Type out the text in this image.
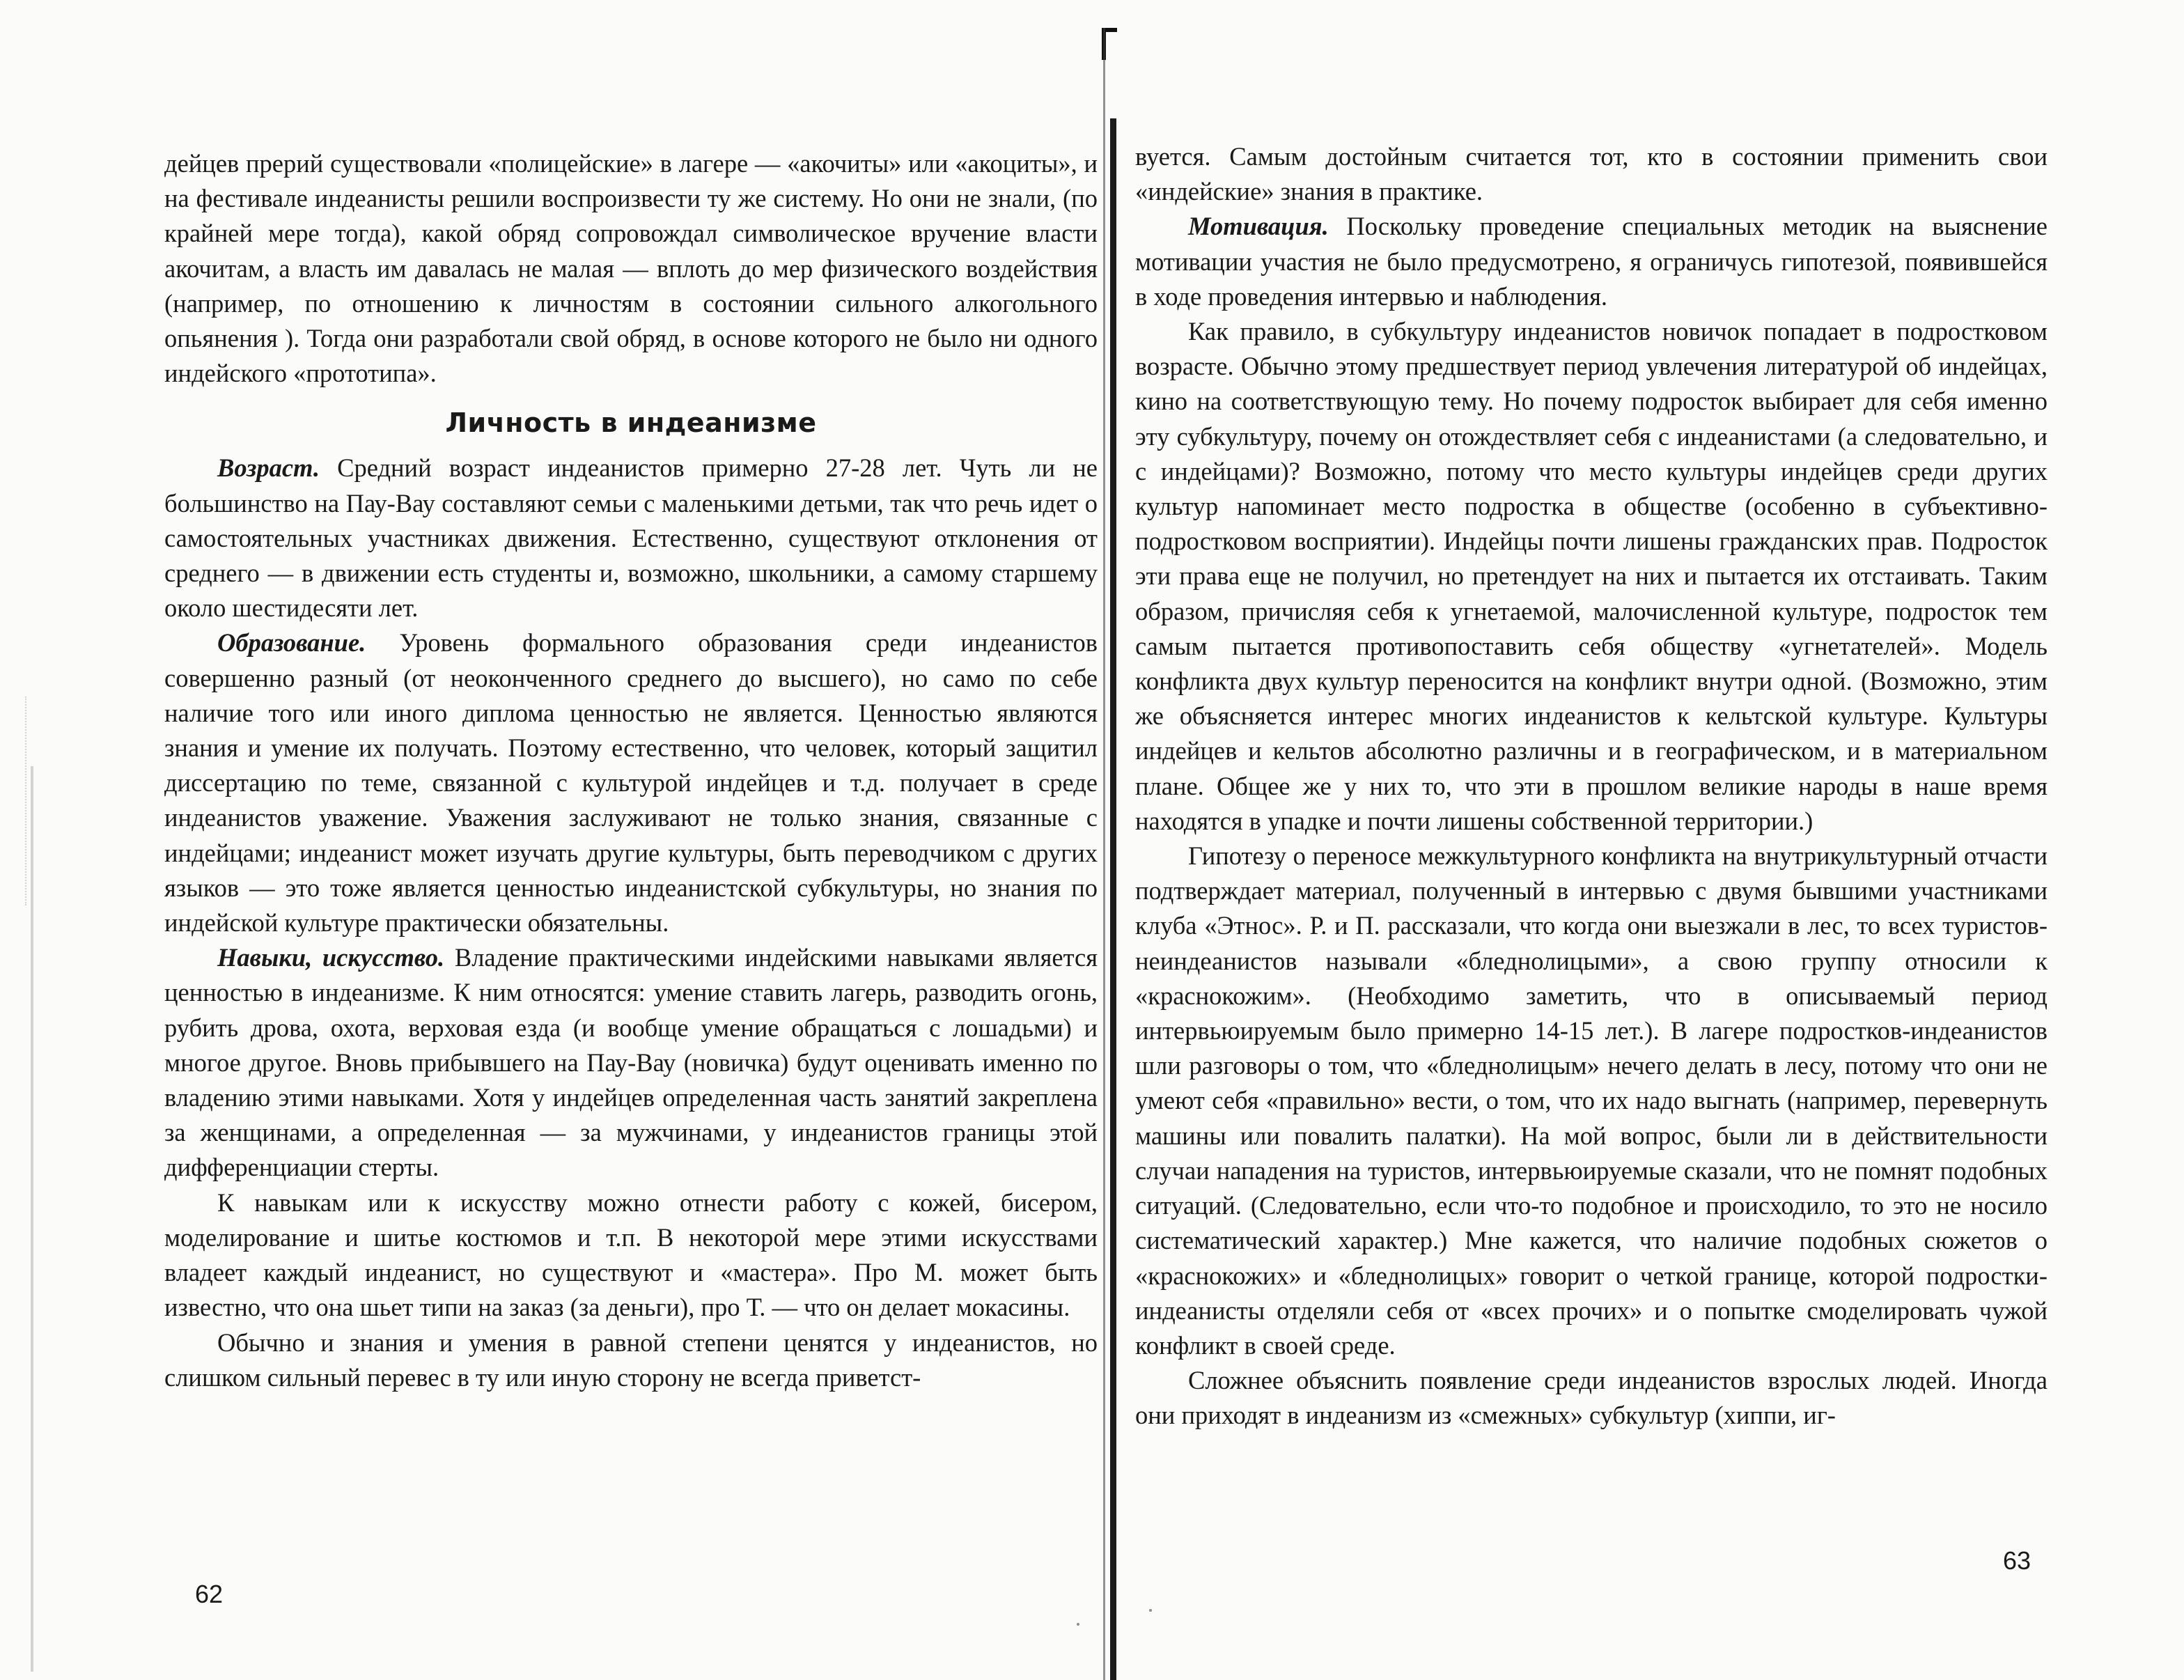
дейцев прерий существовали «полицейские» в лагере — «акочиты» или «акоциты», и на фестивале индеанисты решили воспроизвести ту же систему. Но они не знали, (по крайней мере тогда), какой обряд сопровождал символическое вручение власти акочитам, а власть им давалась не малая — вплоть до мер физического воздействия (например, по отношению к личностям в состоянии сильного алкогольного опьянения ). Тогда они разработали свой обряд, в основе которого не было ни одного индейского «прототипа».

Личность в индеанизме

Возраст. Средний возраст индеанистов примерно 27-28 лет. Чуть ли не большинство на Пау-Вау составляют семьи с маленькими детьми, так что речь идет о самостоятельных участниках движения. Естественно, существуют отклонения от среднего — в движении есть студенты и, возможно, школьники, а самому старшему около шестидесяти лет.

Образование. Уровень формального образования среди индеанистов совершенно разный (от неоконченного среднего до высшего), но само по себе наличие того или иного диплома ценностью не является. Ценностью являются знания и умение их получать. Поэтому естественно, что человек, который защитил диссертацию по теме, связанной с культурой индейцев и т.д. получает в среде индеанистов уважение. Уважения заслуживают не только знания, связанные с индейцами; индеанист может изучать другие культуры, быть переводчиком с других языков — это тоже является ценностью индеанистской субкультуры, но знания по индейской культуре практически обязательны.

Навыки, искусство. Владение практическими индейскими навыками является ценностью в индеанизме. К ним относятся: умение ставить лагерь, разводить огонь, рубить дрова, охота, верховая езда (и вообще умение обращаться с лошадьми) и многое другое. Вновь прибывшего на Пау-Вау (новичка) будут оценивать именно по владению этими навыками. Хотя у индейцев определенная часть занятий закреплена за женщинами, а определенная — за мужчинами, у индеанистов границы этой дифференциации стерты.

К навыкам или к искусству можно отнести работу с кожей, бисером, моделирование и шитье костюмов и т.п. В некоторой мере этими искусствами владеет каждый индеанист, но существуют и «мастера». Про М. может быть известно, что она шьет типи на заказ (за деньги), про Т. — что он делает мокасины.

Обычно и знания и умения в равной степени ценятся у индеанистов, но слишком сильный перевес в ту или иную сторону не всегда приветст-

62

вуется. Самым достойным считается тот, кто в состоянии применить свои «индейские» знания в практике.

Мотивация. Поскольку проведение специальных методик на выяснение мотивации участия не было предусмотрено, я ограничусь гипотезой, появившейся в ходе проведения интервью и наблюдения.

Как правило, в субкультуру индеанистов новичок попадает в подростковом возрасте. Обычно этому предшествует период увлечения литературой об индейцах, кино на соответствующую тему. Но почему подросток выбирает для себя именно эту субкультуру, почему он отождествляет себя с индеанистами (а следовательно, и с индейцами)? Возможно, потому что место культуры индейцев среди других культур напоминает место подростка в обществе (особенно в субъективно-подростковом восприятии). Индейцы почти лишены гражданских прав. Подросток эти права еще не получил, но претендует на них и пытается их отстаивать. Таким образом, причисляя себя к угнетаемой, малочисленной культуре, подросток тем самым пытается противопоставить себя обществу «угнетателей». Модель конфликта двух культур переносится на конфликт внутри одной. (Возможно, этим же объясняется интерес многих индеанистов к кельтской культуре. Культуры индейцев и кельтов абсолютно различны и в географическом, и в материальном плане. Общее же у них то, что эти в прошлом великие народы в наше время находятся в упадке и почти лишены собственной территории.)

Гипотезу о переносе межкультурного конфликта на внутрикультурный отчасти подтверждает материал, полученный в интервью с двумя бывшими участниками клуба «Этнос». Р. и П. рассказали, что когда они выезжали в лес, то всех туристов-неиндеанистов называли «бледнолицыми», а свою группу относили к «краснокожим». (Необходимо заметить, что в описываемый период интервьюируемым было примерно 14-15 лет.). В лагере подростков-индеанистов шли разговоры о том, что «бледнолицым» нечего делать в лесу, потому что они не умеют себя «правильно» вести, о том, что их надо выгнать (например, перевернуть машины или повалить палатки). На мой вопрос, были ли в действительности случаи нападения на туристов, интервьюируемые сказали, что не помнят подобных ситуаций. (Следовательно, если что-то подобное и происходило, то это не носило систематический характер.) Мне кажется, что наличие подобных сюжетов о «краснокожих» и «бледнолицых» говорит о четкой границе, которой подростки-индеанисты отделяли себя от «всех прочих» и о попытке смоделировать чужой конфликт в своей среде.

Сложнее объяснить появление среди индеанистов взрослых людей. Иногда они приходят в индеанизм из «смежных» субкультур (хиппи, иг-

63
